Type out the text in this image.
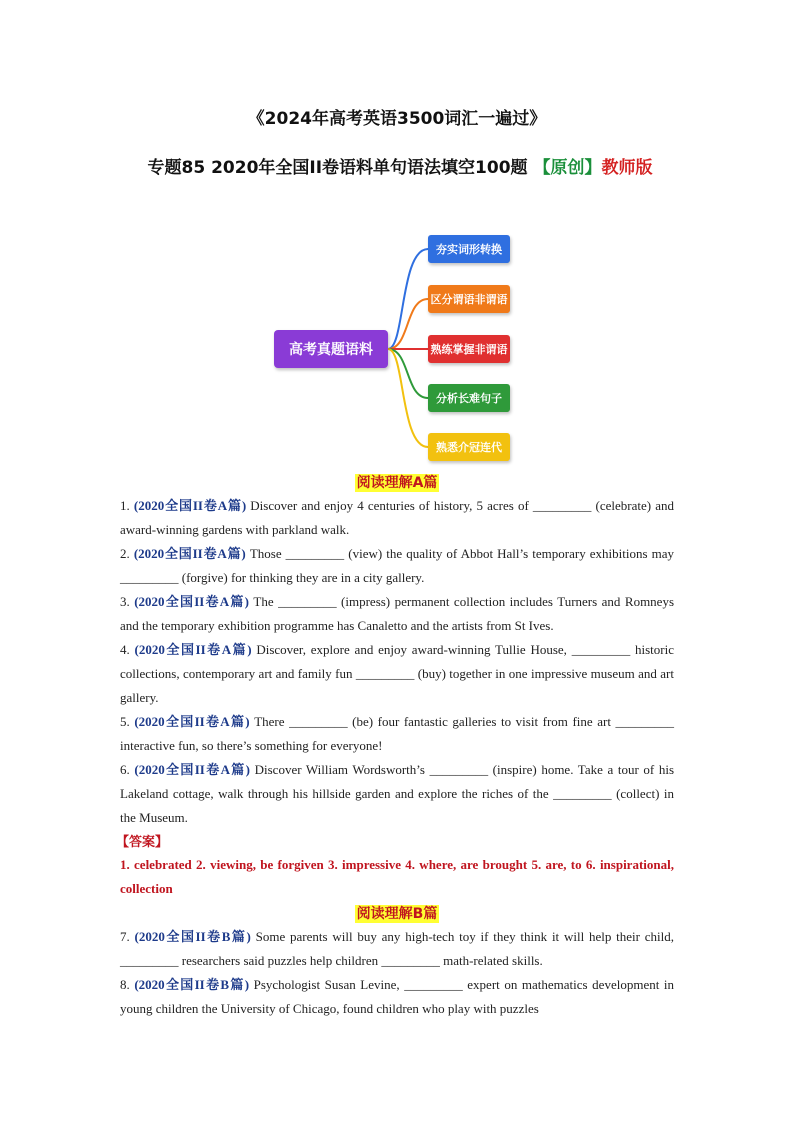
《2024年高考英语3500词汇一遍过》
专题85 2020年全国II卷语料单句语法填空100题 【原创】教师版
高考真题语料
夯实词形转换
区分谓语非谓语
熟练掌握非谓语
分析长难句子
熟悉介冠连代
阅读理解A篇
1. (2020全国II卷A篇) Discover and enjoy 4 centuries of history, 5 acres of _________ (celebrate) and award-winning gardens with parkland walk.
2. (2020全国II卷A篇) Those _________ (view) the quality of Abbot Hall’s temporary exhibitions may _________ (forgive) for thinking they are in a city gallery.
3. (2020全国II卷A篇) The _________ (impress) permanent collection includes Turners and Romneys and the temporary exhibition programme has Canaletto and the artists from St Ives.
4. (2020全国II卷A篇) Discover, explore and enjoy award-winning Tullie House, _________ historic collections, contemporary art and family fun _________ (buy) together in one impressive museum and art gallery.
5. (2020全国II卷A篇) There _________ (be) four fantastic galleries to visit from fine art _________ interactive fun, so there’s something for everyone!
6. (2020全国II卷A篇) Discover William Wordsworth’s _________ (inspire) home. Take a tour of his Lakeland cottage, walk through his hillside garden and explore the riches of the _________ (collect) in the Museum.
【答案】
1. celebrated 2. viewing, be forgiven 3. impressive 4. where, are brought 5. are, to 6. inspirational, collection
阅读理解B篇
7. (2020全国II卷B篇) Some parents will buy any high-tech toy if they think it will help their child, _________ researchers said puzzles help children _________ math-related skills.
8. (2020全国II卷B篇) Psychologist Susan Levine, _________ expert on mathematics development in young children the University of Chicago, found children who play with puzzles
